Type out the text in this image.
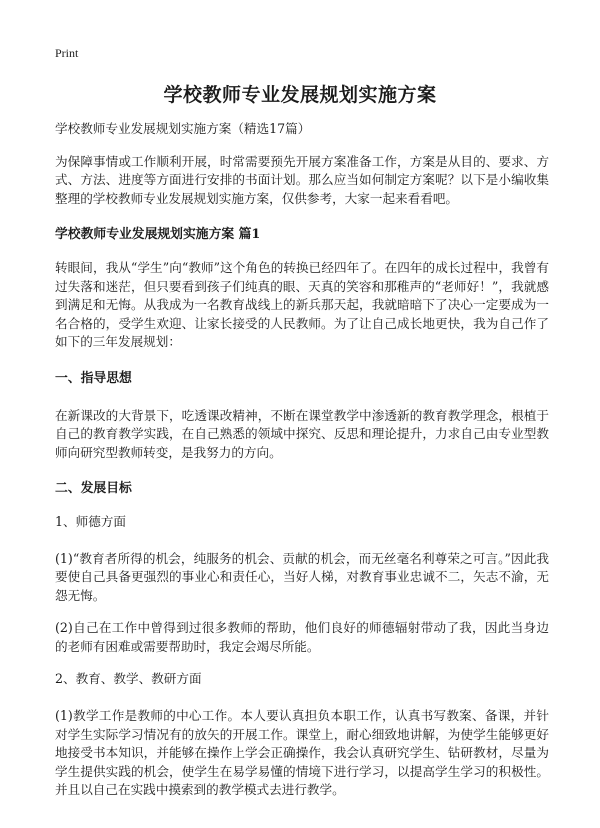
Print
学校教师专业发展规划实施方案

学校教师专业发展规划实施方案（精选17篇）

为保障事情或工作顺利开展，时常需要预先开展方案准备工作，方案是从目的、要求、方式、方法、进度等方面进行安排的书面计划。那么应当如何制定方案呢？以下是小编收集整理的学校教师专业发展规划实施方案，仅供参考，大家一起来看看吧。

学校教师专业发展规划实施方案 篇1

转眼间，我从“学生”向“教师”这个角色的转换已经四年了。在四年的成长过程中，我曾有过失落和迷茫，但只要看到孩子们纯真的眼、天真的笑容和那稚声的“老师好！”，我就感到满足和无悔。从我成为一名教育战线上的新兵那天起，我就暗暗下了决心一定要成为一名合格的，受学生欢迎、让家长接受的人民教师。为了让自己成长地更快，我为自己作了如下的三年发展规划：

一、指导思想

在新课改的大背景下，吃透课改精神，不断在课堂教学中渗透新的教育教学理念，根植于自己的教育教学实践，在自己熟悉的领域中探究、反思和理论提升，力求自己由专业型教师向研究型教师转变，是我努力的方向。

二、发展目标

1、师德方面

(1)“教育者所得的机会，纯服务的机会、贡献的机会，而无丝毫名利尊荣之可言。”因此我要使自己具备更强烈的事业心和责任心，当好人梯，对教育事业忠诚不二，矢志不渝，无怨无悔。

(2)自己在工作中曾得到过很多教师的帮助，他们良好的师德辐射带动了我，因此当身边的老师有困难或需要帮助时，我定会竭尽所能。

2、教育、教学、教研方面

(1)教学工作是教师的中心工作。本人要认真担负本职工作，认真书写教案、备课，并针对学生实际学习情况有的放矢的开展工作。课堂上，耐心细致地讲解，为使学生能够更好地接受书本知识，并能够在操作上学会正确操作，我会认真研究学生、钻研教材，尽量为学生提供实践的机会，使学生在易学易懂的情境下进行学习，以提高学生学习的积极性。并且以自己在实践中摸索到的教学模式去进行教学。
